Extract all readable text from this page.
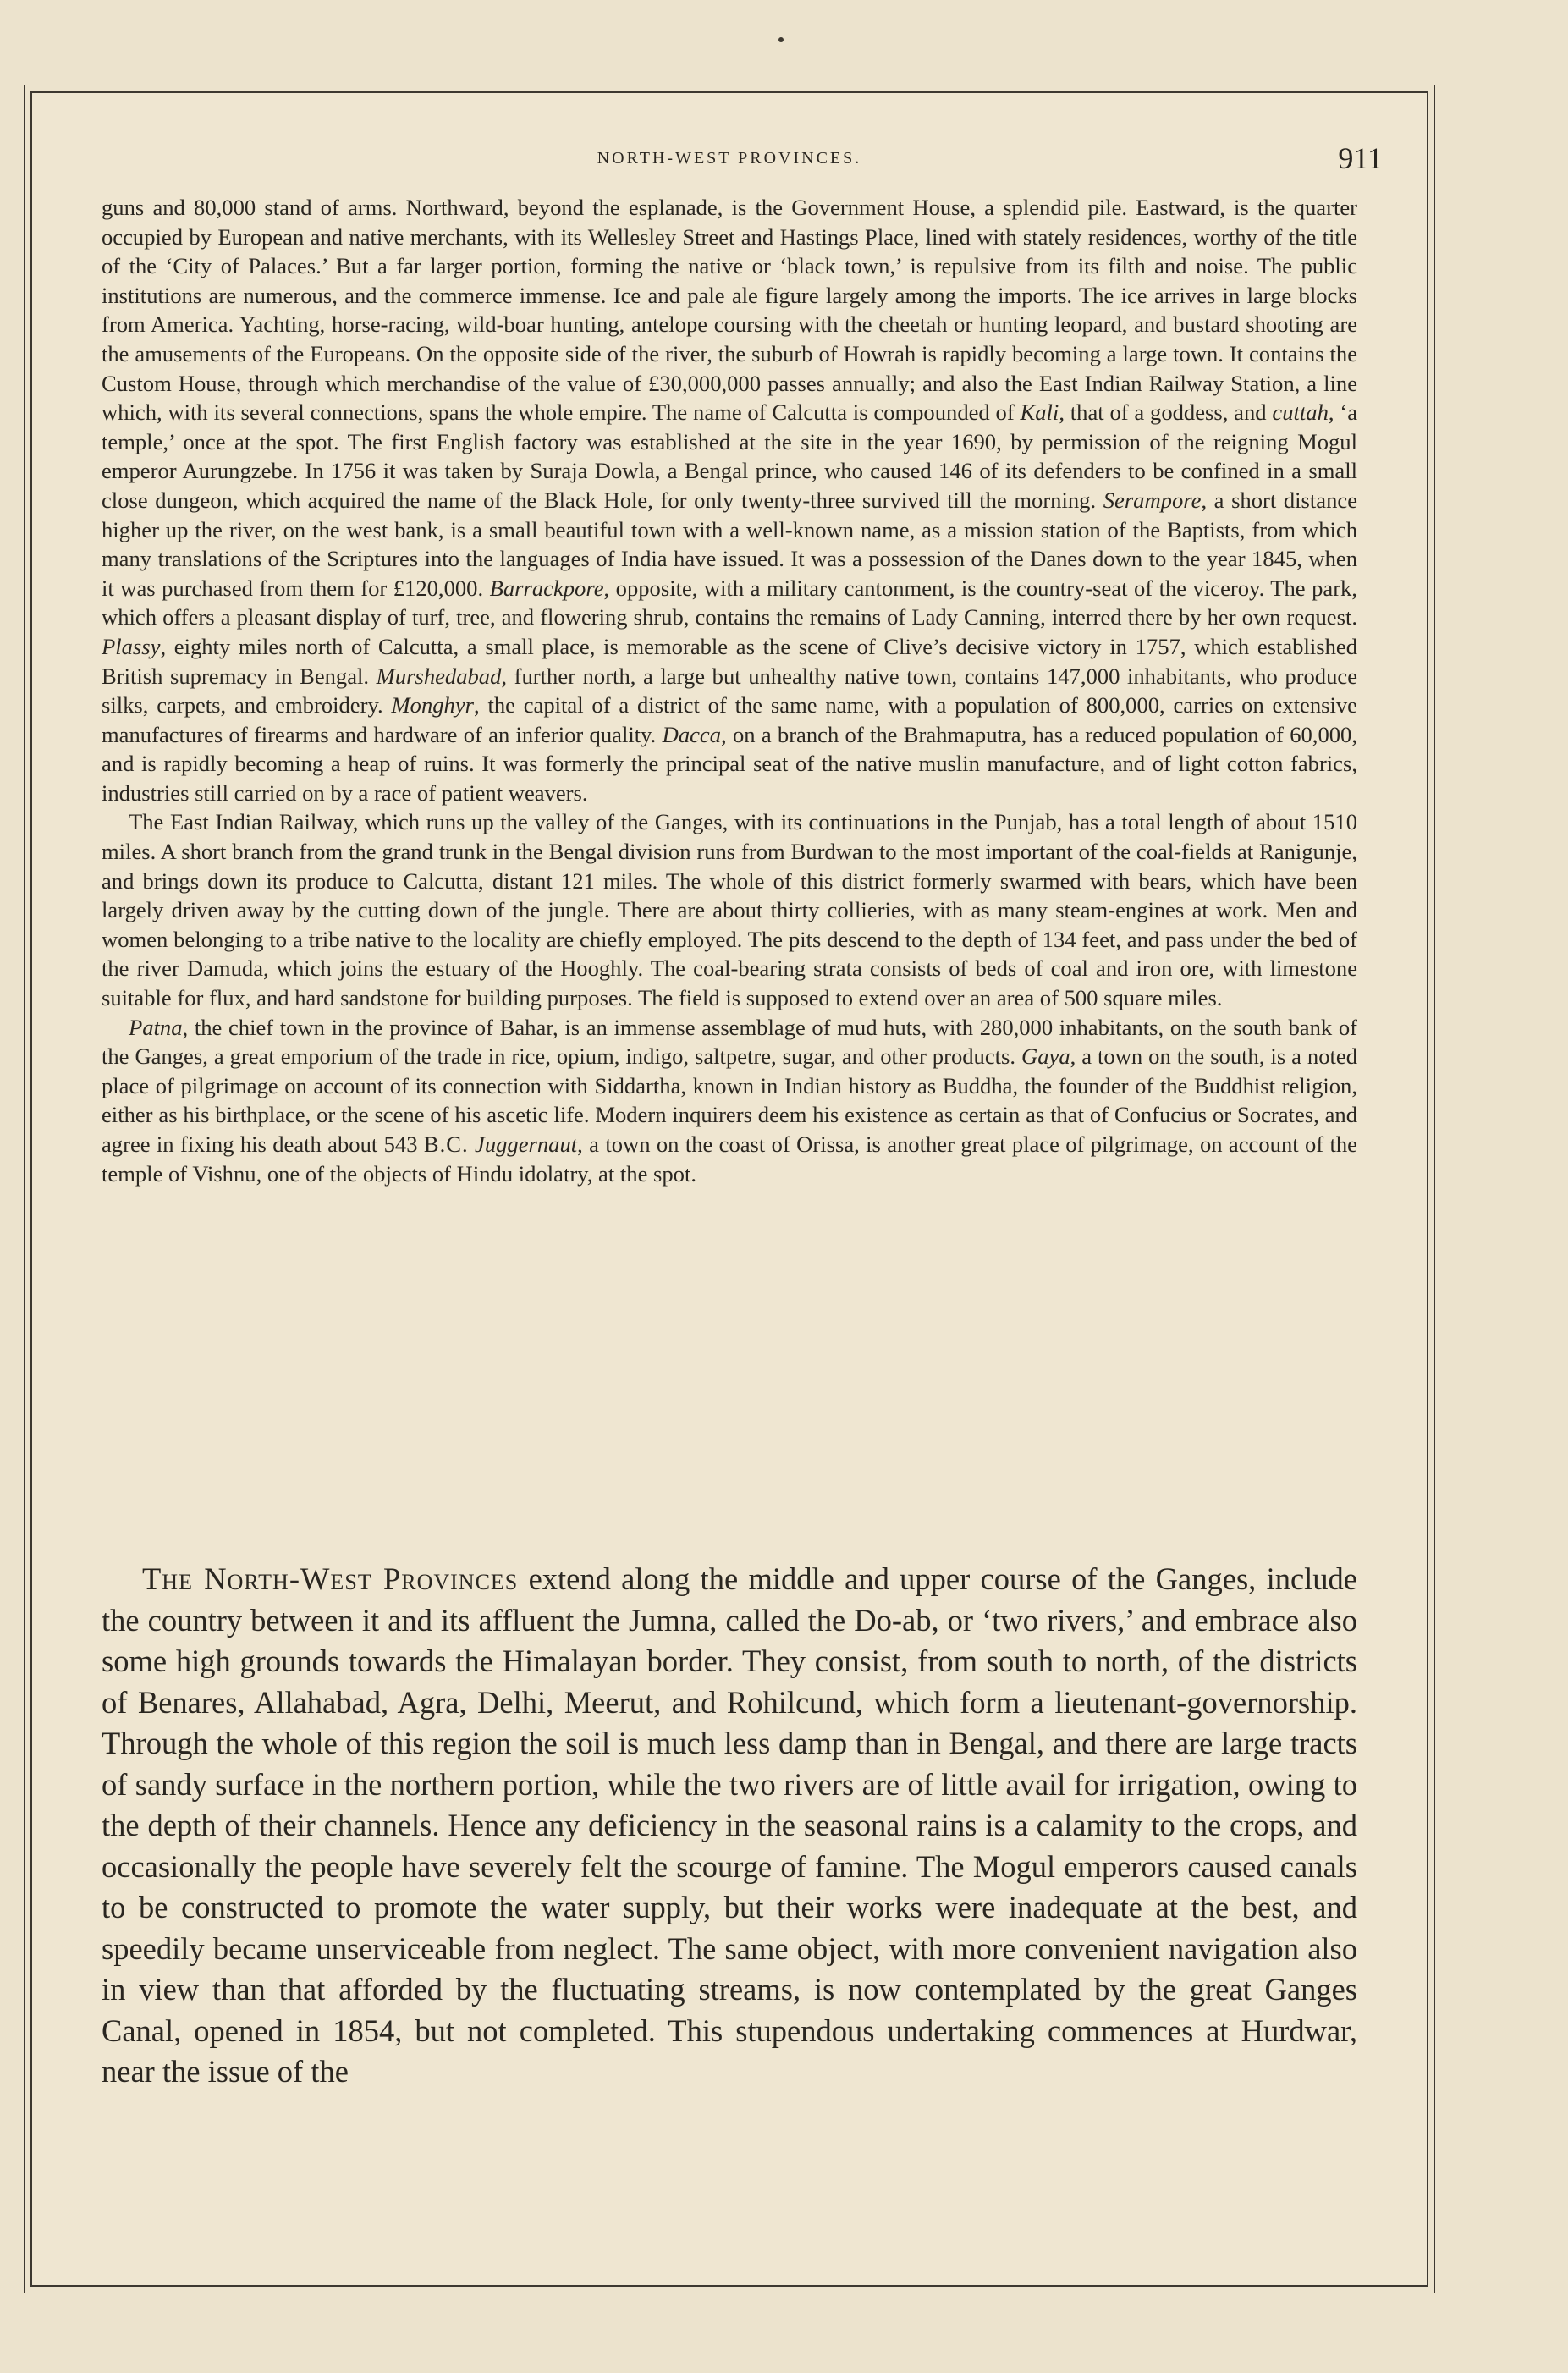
NORTH-WEST PROVINCES.	911

guns and 80,000 stand of arms. Northward, beyond the esplanade, is the Government House, a splendid pile. Eastward, is the quarter occupied by European and native merchants, with its Wellesley Street and Hastings Place, lined with stately residences, worthy of the title of the ‘City of Palaces.’ But a far larger portion, forming the native or ‘black town,’ is repulsive from its filth and noise. The public institutions are numerous, and the commerce immense. Ice and pale ale figure largely among the imports. The ice arrives in large blocks from America. Yachting, horse-racing, wild-boar hunting, antelope coursing with the cheetah or hunting leopard, and bustard shooting are the amusements of the Europeans. On the opposite side of the river, the suburb of Howrah is rapidly becoming a large town. It contains the Custom House, through which merchandise of the value of £30,000,000 passes annually; and also the East Indian Railway Station, a line which, with its several connections, spans the whole empire. The name of Calcutta is compounded of Kali, that of a goddess, and cuttah, ‘a temple,’ once at the spot. The first English factory was established at the site in the year 1690, by permission of the reigning Mogul emperor Aurungzebe. In 1756 it was taken by Suraja Dowla, a Bengal prince, who caused 146 of its defenders to be confined in a small close dungeon, which acquired the name of the Black Hole, for only twenty-three survived till the morning. Serampore, a short distance higher up the river, on the west bank, is a small beautiful town with a well-known name, as a mission station of the Baptists, from which many translations of the Scriptures into the languages of India have issued. It was a possession of the Danes down to the year 1845, when it was purchased from them for £120,000. Barrackpore, opposite, with a military cantonment, is the country-seat of the viceroy. The park, which offers a pleasant display of turf, tree, and flowering shrub, contains the remains of Lady Canning, interred there by her own request. Plassy, eighty miles north of Calcutta, a small place, is memorable as the scene of Clive’s decisive victory in 1757, which established British supremacy in Bengal. Murshedabad, further north, a large but unhealthy native town, contains 147,000 inhabitants, who produce silks, carpets, and embroidery. Monghyr, the capital of a district of the same name, with a population of 800,000, carries on extensive manufactures of firearms and hardware of an inferior quality. Dacca, on a branch of the Brahmaputra, has a reduced population of 60,000, and is rapidly becoming a heap of ruins. It was formerly the principal seat of the native muslin manufacture, and of light cotton fabrics, industries still carried on by a race of patient weavers.

The East Indian Railway, which runs up the valley of the Ganges, with its continuations in the Punjab, has a total length of about 1510 miles. A short branch from the grand trunk in the Bengal division runs from Burdwan to the most important of the coal-fields at Ranigunje, and brings down its produce to Calcutta, distant 121 miles. The whole of this district formerly swarmed with bears, which have been largely driven away by the cutting down of the jungle. There are about thirty collieries, with as many steam-engines at work. Men and women belonging to a tribe native to the locality are chiefly employed. The pits descend to the depth of 134 feet, and pass under the bed of the river Damuda, which joins the estuary of the Hooghly. The coal-bearing strata consists of beds of coal and iron ore, with limestone suitable for flux, and hard sandstone for building purposes. The field is supposed to extend over an area of 500 square miles.

Patna, the chief town in the province of Bahar, is an immense assemblage of mud huts, with 280,000 inhabitants, on the south bank of the Ganges, a great emporium of the trade in rice, opium, indigo, saltpetre, sugar, and other products. Gaya, a town on the south, is a noted place of pilgrimage on account of its connection with Siddartha, known in Indian history as Buddha, the founder of the Buddhist religion, either as his birthplace, or the scene of his ascetic life. Modern inquirers deem his existence as certain as that of Confucius or Socrates, and agree in fixing his death about 543 B.C. Juggernaut, a town on the coast of Orissa, is another great place of pilgrimage, on account of the temple of Vishnu, one of the objects of Hindu idolatry, at the spot.

The North-West Provinces extend along the middle and upper course of the Ganges, include the country between it and its affluent the Jumna, called the Do-ab, or ‘two rivers,’ and embrace also some high grounds towards the Himalayan border. They consist, from south to north, of the districts of Benares, Allahabad, Agra, Delhi, Meerut, and Rohilcund, which form a lieutenant-governorship. Through the whole of this region the soil is much less damp than in Bengal, and there are large tracts of sandy surface in the northern portion, while the two rivers are of little avail for irrigation, owing to the depth of their channels. Hence any deficiency in the seasonal rains is a calamity to the crops, and occasionally the people have severely felt the scourge of famine. The Mogul emperors caused canals to be constructed to promote the water supply, but their works were inadequate at the best, and speedily became unserviceable from neglect. The same object, with more convenient navigation also in view than that afforded by the fluctuating streams, is now contemplated by the great Ganges Canal, opened in 1854, but not completed. This stupendous undertaking commences at Hurdwar, near the issue of the
